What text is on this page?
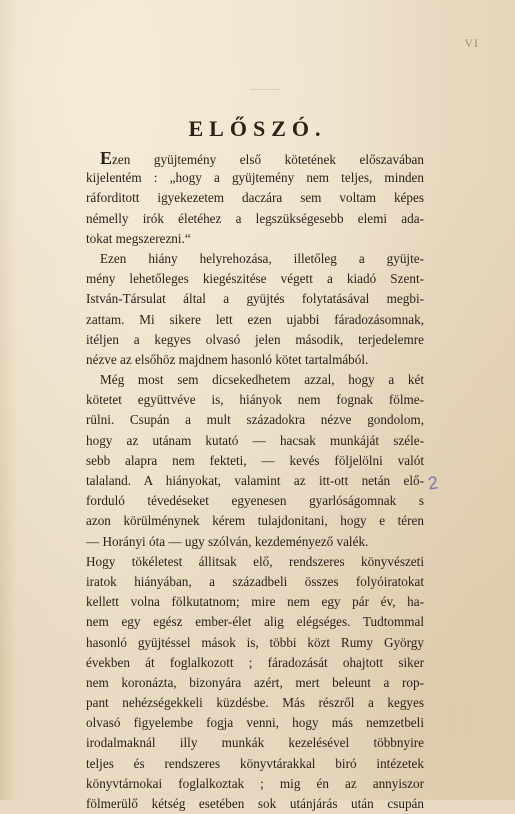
VI
ELŐSZÓ.
Ezen gyüjtemény első kötetének előszavában
kijelentém : „hogy a gyüjtemény nem teljes, minden
ráforditott igyekezetem daczára sem voltam képes
némelly irók életéhez a legszükségesebb elemi ada-
tokat megszerezni.“
Ezen hiány helyrehozása, illetőleg a gyüjte-
mény lehetőleges kiegészitése végett a kiadó Szent-
István-Társulat által a gyüjtés folytatásával megbi-
zattam. Mi sikere lett ezen ujabbi fáradozásomnak,
itéljen a kegyes olvasó jelen második, terjedelemre
nézve az elsőhöz majdnem hasonló kötet tartalmából.
Még most sem dicsekedhetem azzal, hogy a két
kötetet együttvéve is, hiányok nem fognak fölme-
rülni. Csupán a mult századokra nézve gondolom,
hogy az utánam kutató — hacsak munkáját széle-
sebb alapra nem fekteti, — kevés följelölni valót
talaland. A hiányokat, valamint az itt-ott netán elő-
forduló tévedéseket egyenesen gyarlóságomnak s
azon körülménynek kérem tulajdonitani, hogy e téren
— Horányi óta — ugy szólván, kezdeményező valék.
Hogy tökéletest állitsak elő, rendszeres könyvészeti
iratok hiányában, a századbeli összes folyóiratokat
kellett volna fölkutatnom; mire nem egy pár év, ha-
nem egy egész ember-élet alig elégséges. Tudtommal
hasonló gyüjtéssel mások is, többi közt Rumy György
években át foglalkozott ; fáradozását ohajtott siker
nem koronázta, bizonyára azért, mert beleunt a rop-
pant nehézségekkeli küzdésbe. Más részről a kegyes
olvasó figyelembe fogja venni, hogy más nemzetbeli
irodalmaknál illy munkák kezelésével többnyire
teljes és rendszeres könyvtárakkal biró intézetek
könyvtárnokai foglalkoztak ; mig én az annyiszor
fölmerülő kétség esetében sok utánjárás után csupán
2
